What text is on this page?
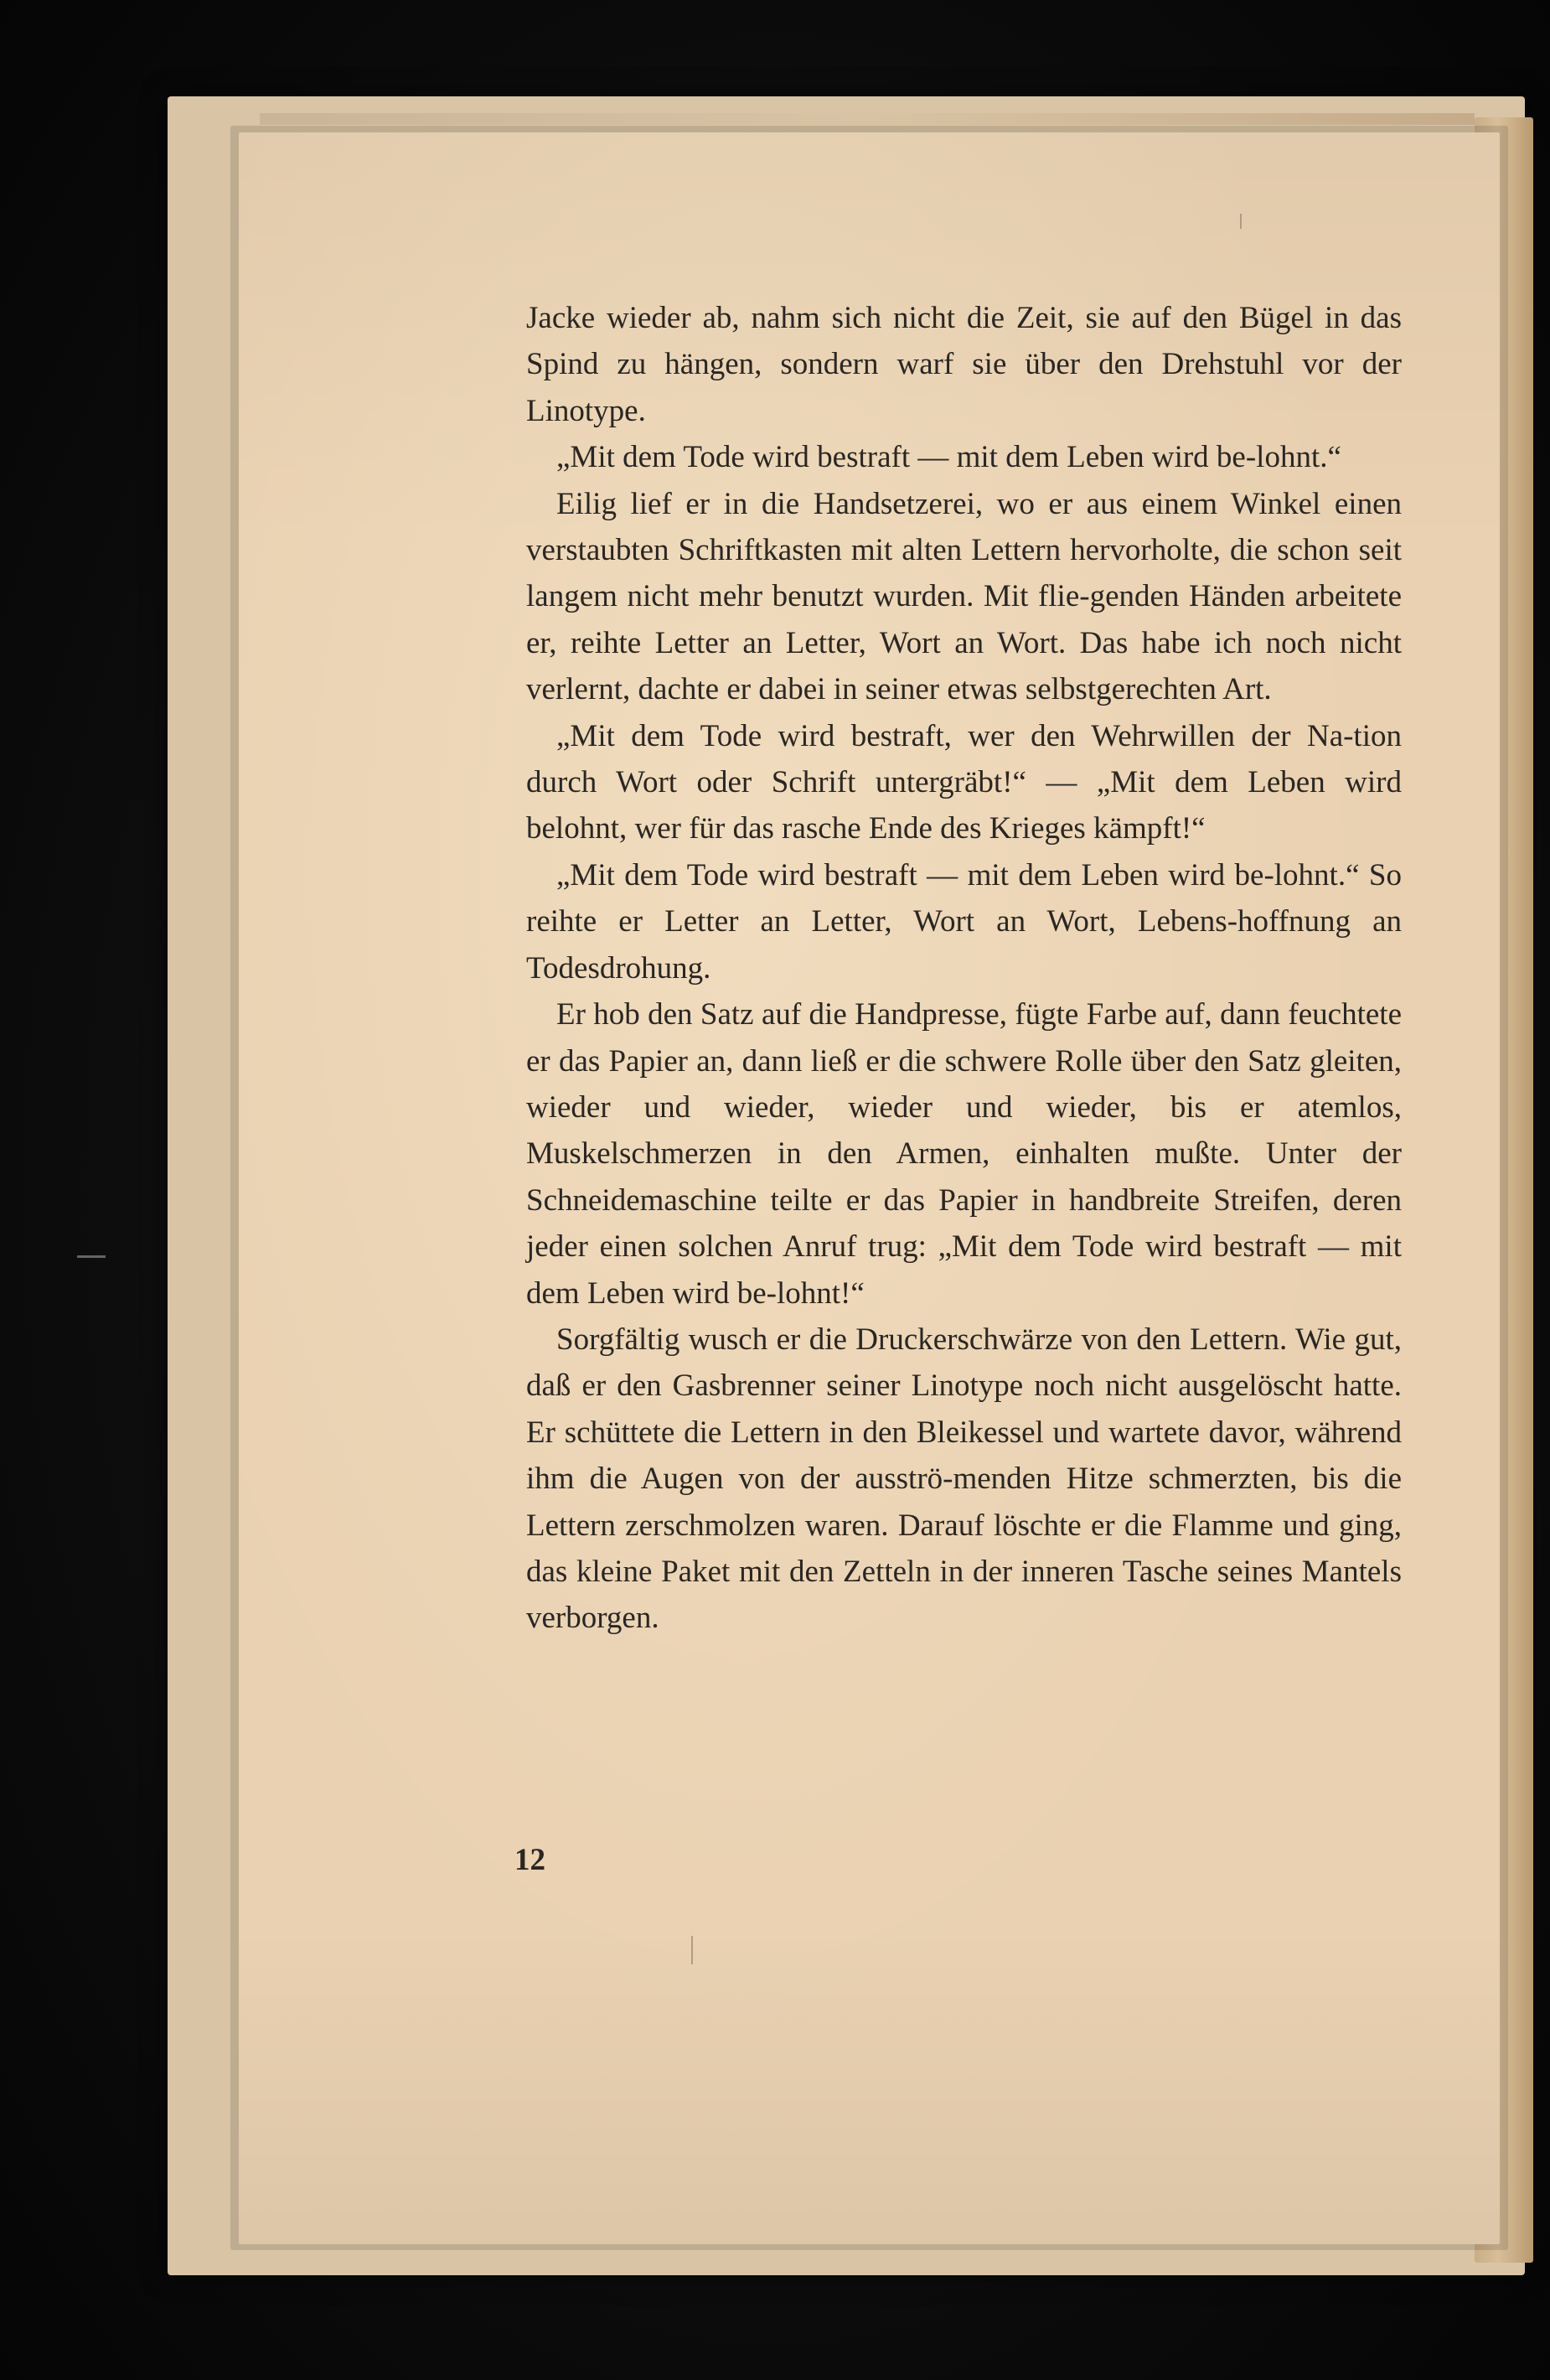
Jacke wieder ab, nahm sich nicht die Zeit, sie auf den Bügel in das Spind zu hängen, sondern warf sie über den Drehstuhl vor der Linotype.

„Mit dem Tode wird bestraft — mit dem Leben wird be-lohnt.“

Eilig lief er in die Handsetzerei, wo er aus einem Winkel einen verstaubten Schriftkasten mit alten Lettern hervorholte, die schon seit langem nicht mehr benutzt wurden. Mit flie-genden Händen arbeitete er, reihte Letter an Letter, Wort an Wort. Das habe ich noch nicht verlernt, dachte er dabei in seiner etwas selbstgerechten Art.

„Mit dem Tode wird bestraft, wer den Wehrwillen der Na-tion durch Wort oder Schrift untergräbt!“ — „Mit dem Leben wird belohnt, wer für das rasche Ende des Krieges kämpft!“

„Mit dem Tode wird bestraft — mit dem Leben wird be-lohnt.“ So reihte er Letter an Letter, Wort an Wort, Lebens-hoffnung an Todesdrohung.

Er hob den Satz auf die Handpresse, fügte Farbe auf, dann feuchtete er das Papier an, dann ließ er die schwere Rolle über den Satz gleiten, wieder und wieder, wieder und wieder, bis er atemlos, Muskelschmerzen in den Armen, einhalten mußte. Unter der Schneidemaschine teilte er das Papier in handbreite Streifen, deren jeder einen solchen Anruf trug: „Mit dem Tode wird bestraft — mit dem Leben wird be-lohnt!“

Sorgfältig wusch er die Druckerschwärze von den Lettern. Wie gut, daß er den Gasbrenner seiner Linotype noch nicht ausgelöscht hatte. Er schüttete die Lettern in den Bleikessel und wartete davor, während ihm die Augen von der ausströ-menden Hitze schmerzten, bis die Lettern zerschmolzen waren. Darauf löschte er die Flamme und ging, das kleine Paket mit den Zetteln in der inneren Tasche seines Mantels verborgen.

12
